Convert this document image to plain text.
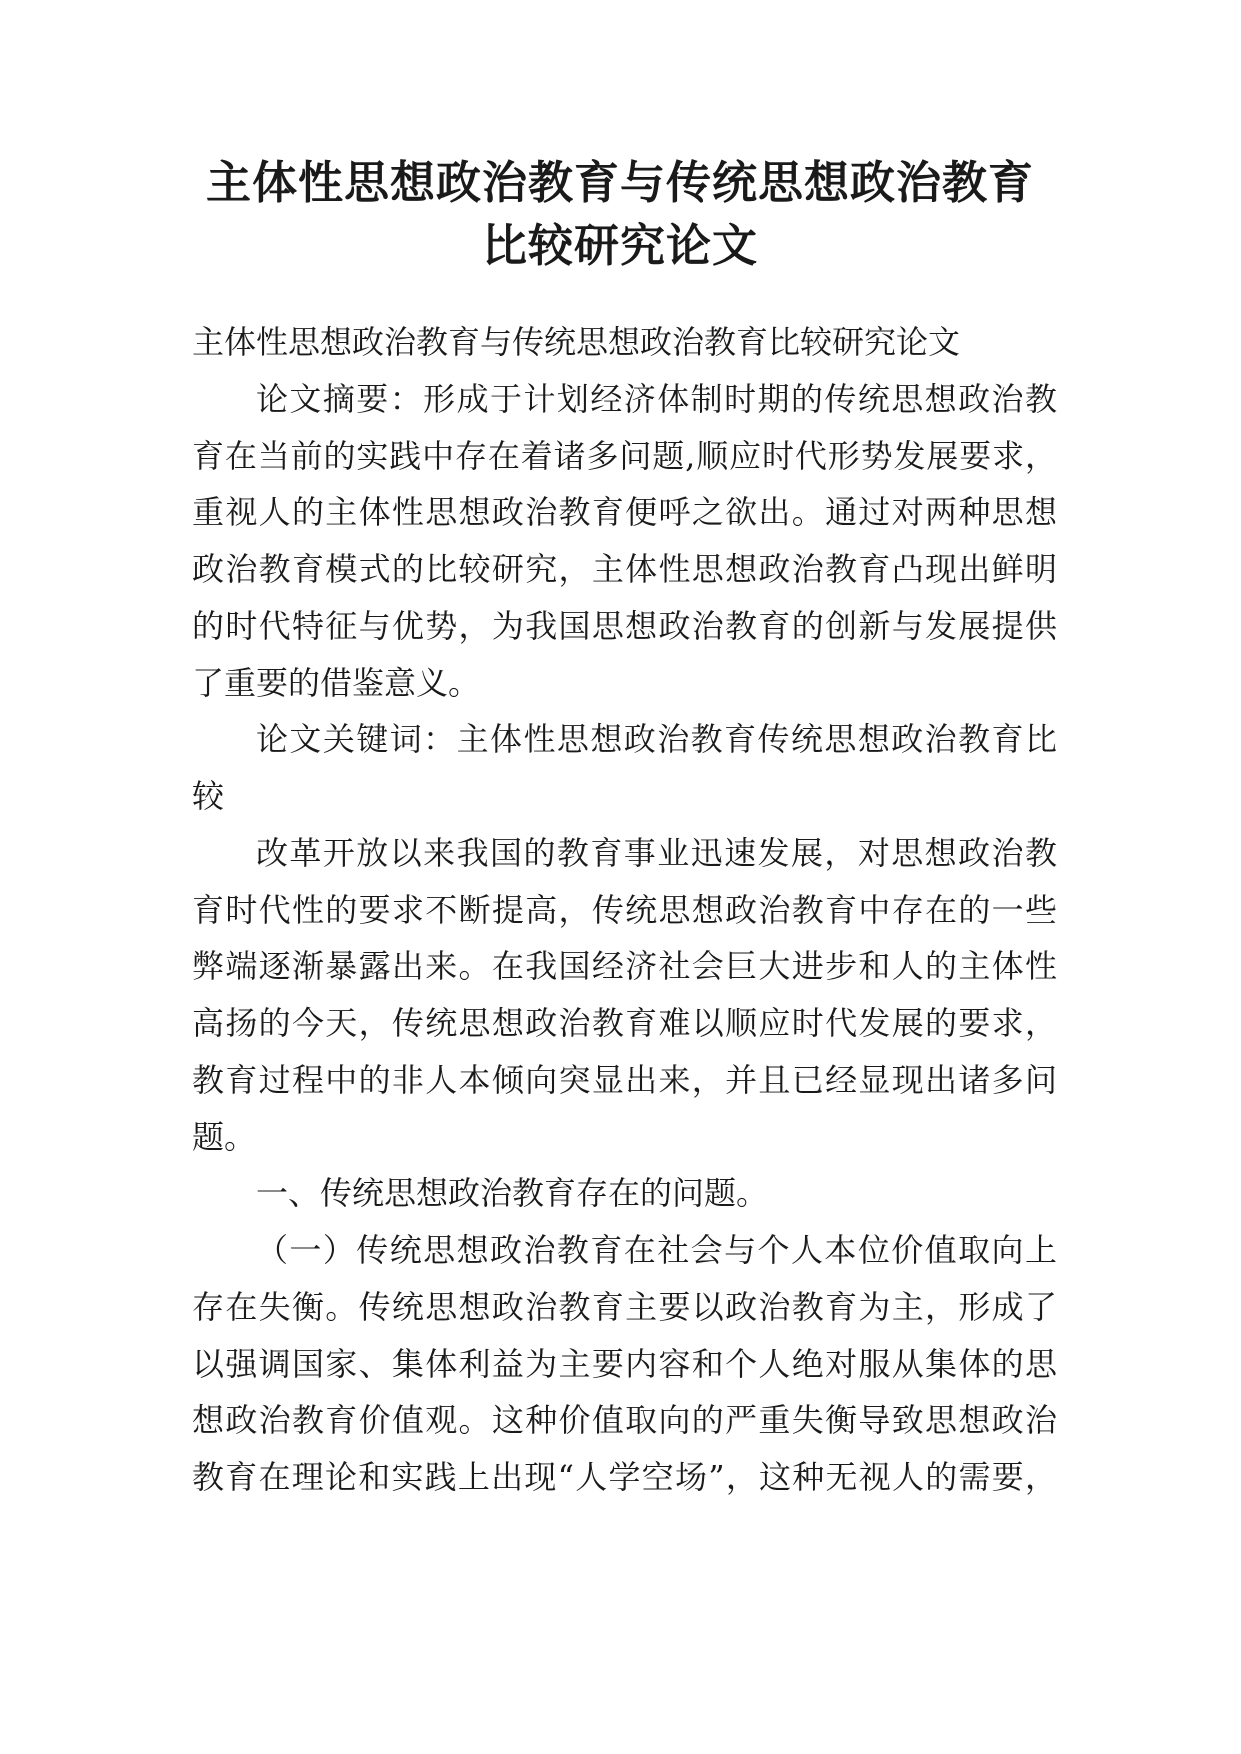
主体性思想政治教育与传统思想政治教育
比较研究论文
主体性思想政治教育与传统思想政治教育比较研究论文
论文摘要：形成于计划经济体制时期的传统思想政治教
育在当前的实践中存在着诸多问题,顺应时代形势发展要求，
重视人的主体性思想政治教育便呼之欲出。通过对两种思想
政治教育模式的比较研究，主体性思想政治教育凸现出鲜明
的时代特征与优势，为我国思想政治教育的创新与发展提供
了重要的借鉴意义。
论文关键词：主体性思想政治教育传统思想政治教育比
较
改革开放以来我国的教育事业迅速发展，对思想政治教
育时代性的要求不断提高，传统思想政治教育中存在的一些
弊端逐渐暴露出来。在我国经济社会巨大进步和人的主体性
高扬的今天，传统思想政治教育难以顺应时代发展的要求，
教育过程中的非人本倾向突显出来，并且已经显现出诸多问
题。
一、传统思想政治教育存在的问题。
（一）传统思想政治教育在社会与个人本位价值取向上
存在失衡。传统思想政治教育主要以政治教育为主，形成了
以强调国家、集体利益为主要内容和个人绝对服从集体的思
想政治教育价值观。这种价值取向的严重失衡导致思想政治
教育在理论和实践上出现“人学空场”，这种无视人的需要，
